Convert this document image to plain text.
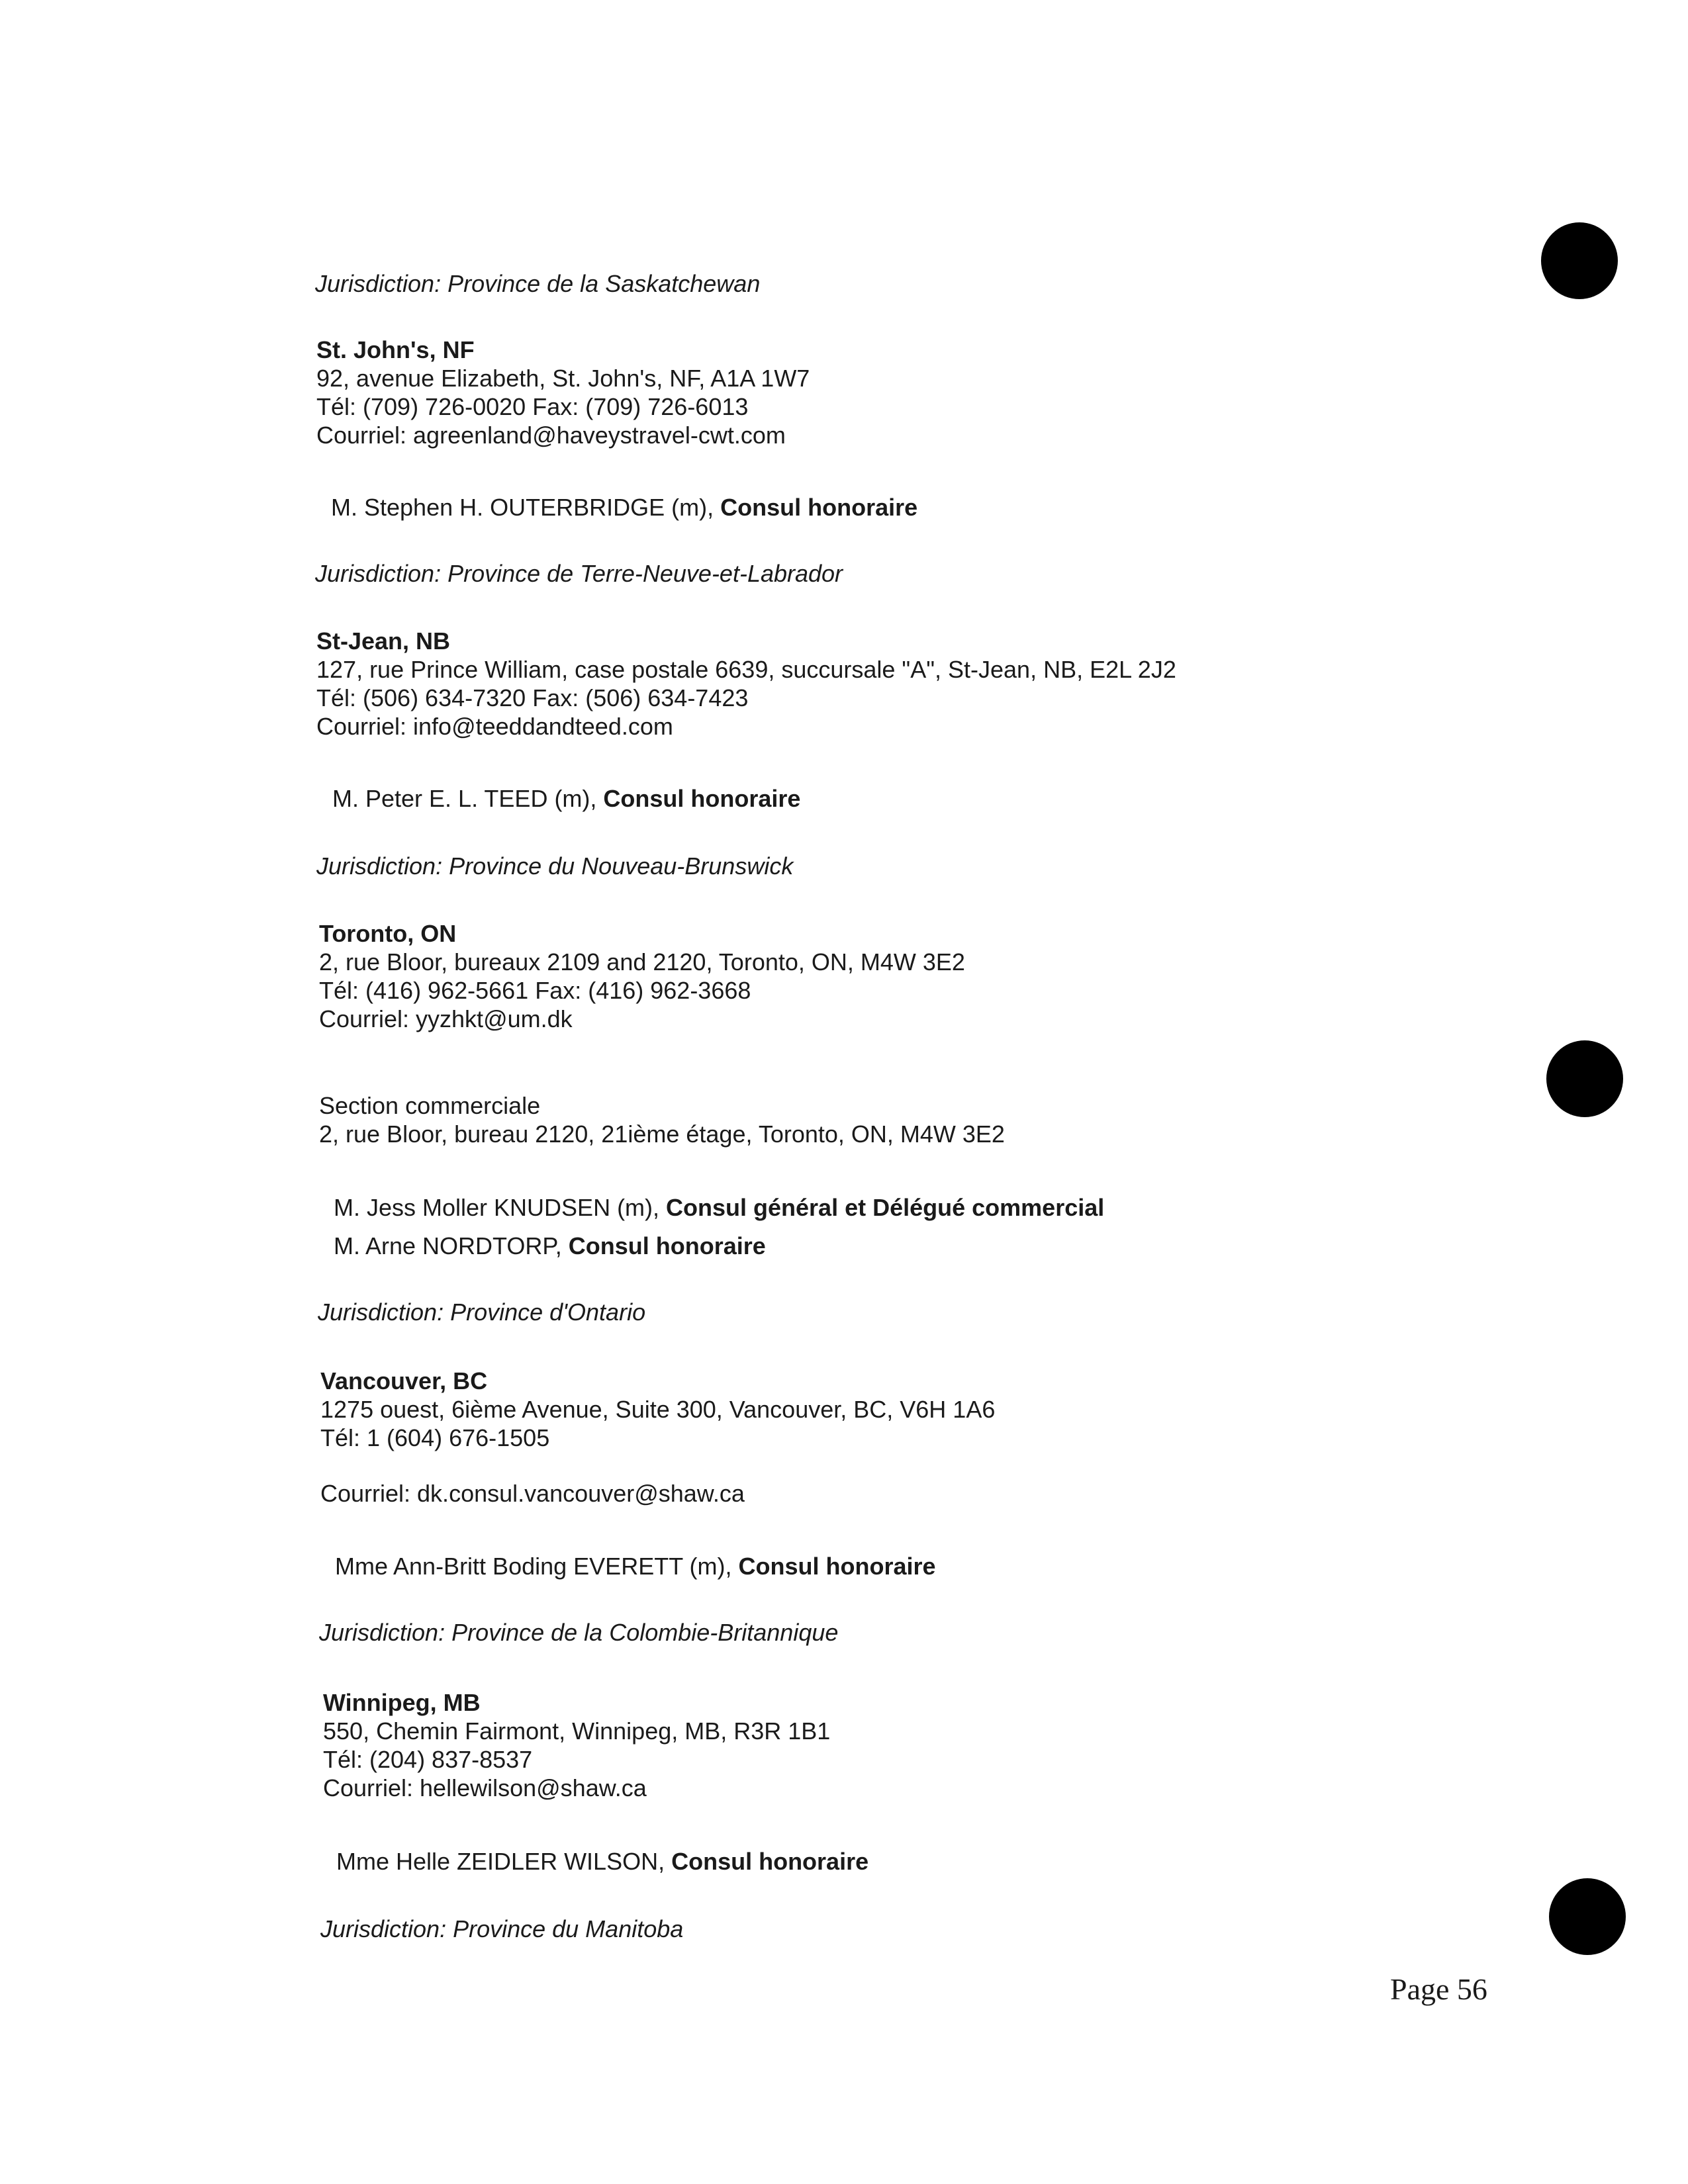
Jurisdiction: Province de la Saskatchewan
St. John's, NF
92, avenue Elizabeth, St. John's, NF, A1A 1W7
Tél: (709) 726-0020 Fax: (709) 726-6013
Courriel: agreenland@haveystravel-cwt.com
M. Stephen H. OUTERBRIDGE (m), Consul honoraire
Jurisdiction: Province de Terre-Neuve-et-Labrador
St-Jean, NB
127, rue Prince William, case postale 6639, succursale "A", St-Jean, NB, E2L 2J2
Tél: (506) 634-7320 Fax: (506) 634-7423
Courriel: info@teeddandteed.com
M. Peter E. L. TEED (m), Consul honoraire
Jurisdiction: Province du Nouveau-Brunswick
Toronto, ON
2, rue Bloor, bureaux 2109 and 2120, Toronto, ON, M4W 3E2
Tél: (416) 962-5661 Fax: (416) 962-3668
Courriel: yyzhkt@um.dk
Section commerciale
2, rue Bloor, bureau 2120, 21ième étage, Toronto, ON, M4W 3E2
M. Jess Moller KNUDSEN (m), Consul général et Délégué commercial
M. Arne NORDTORP, Consul honoraire
Jurisdiction: Province d'Ontario
Vancouver, BC
1275 ouest, 6ième Avenue, Suite 300, Vancouver, BC, V6H 1A6
Tél: 1 (604) 676-1505
Courriel: dk.consul.vancouver@shaw.ca
Mme Ann-Britt Boding EVERETT (m), Consul honoraire
Jurisdiction: Province de la Colombie-Britannique
Winnipeg, MB
550, Chemin Fairmont, Winnipeg, MB, R3R 1B1
Tél: (204) 837-8537
Courriel: hellewilson@shaw.ca
Mme Helle ZEIDLER WILSON, Consul honoraire
Jurisdiction: Province du Manitoba
Page 56
